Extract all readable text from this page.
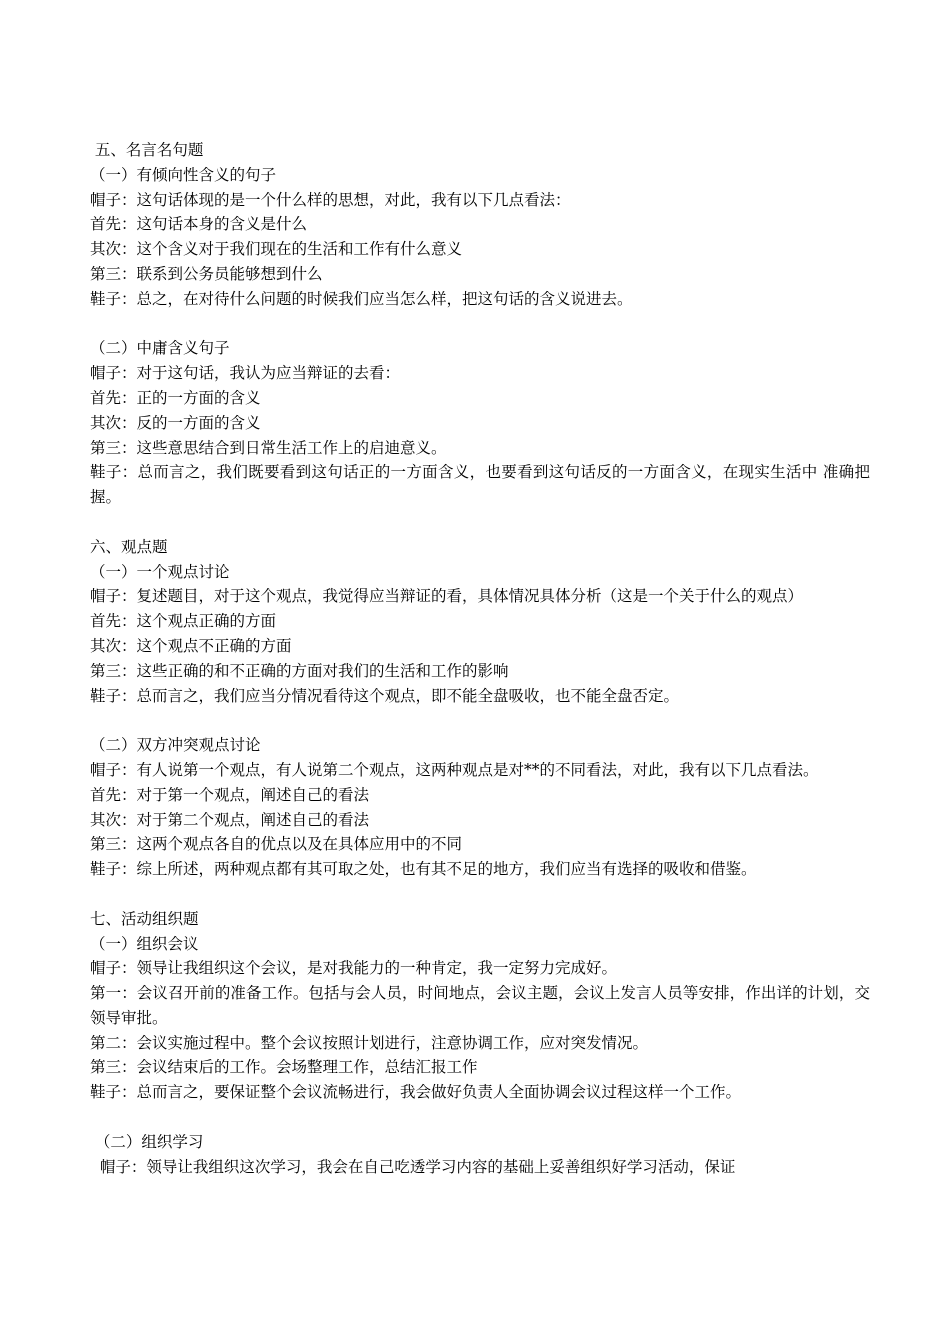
五、名言名句题
（一）有倾向性含义的句子
帽子：这句话体现的是一个什么样的思想，对此，我有以下几点看法：
首先：这句话本身的含义是什么
其次：这个含义对于我们现在的生活和工作有什么意义
第三：联系到公务员能够想到什么
鞋子：总之，在对待什么问题的时候我们应当怎么样，把这句话的含义说进去。
（二）中庸含义句子
帽子：对于这句话，我认为应当辩证的去看：
首先：正的一方面的含义
其次：反的一方面的含义
第三：这些意思结合到日常生活工作上的启迪意义。
鞋子：总而言之，我们既要看到这句话正的一方面含义，也要看到这句话反的一方面含义，在现实生活中 准确把握。
六、观点题
（一）一个观点讨论
帽子：复述题目，对于这个观点，我觉得应当辩证的看，具体情况具体分析（这是一个关于什么的观点）
首先：这个观点正确的方面
其次：这个观点不正确的方面
第三：这些正确的和不正确的方面对我们的生活和工作的影响
鞋子：总而言之，我们应当分情况看待这个观点，即不能全盘吸收，也不能全盘否定。
（二）双方冲突观点讨论
帽子：有人说第一个观点，有人说第二个观点，这两种观点是对**的不同看法，对此，我有以下几点看法。
首先：对于第一个观点，阐述自己的看法
其次：对于第二个观点，阐述自己的看法
第三：这两个观点各自的优点以及在具体应用中的不同
鞋子：综上所述，两种观点都有其可取之处，也有其不足的地方，我们应当有选择的吸收和借鉴。
七、活动组织题
（一）组织会议
帽子：领导让我组织这个会议，是对我能力的一种肯定，我一定努力完成好。
第一：会议召开前的准备工作。包括与会人员，时间地点，会议主题，会议上发言人员等安排，作出详的计划，交领导审批。
第二：会议实施过程中。整个会议按照计划进行，注意协调工作，应对突发情况。
第三：会议结束后的工作。会场整理工作，总结汇报工作
鞋子：总而言之，要保证整个会议流畅进行，我会做好负责人全面协调会议过程这样一个工作。
（二）组织学习
帽子：领导让我组织这次学习，我会在自己吃透学习内容的基础上妥善组织好学习活动，保证
